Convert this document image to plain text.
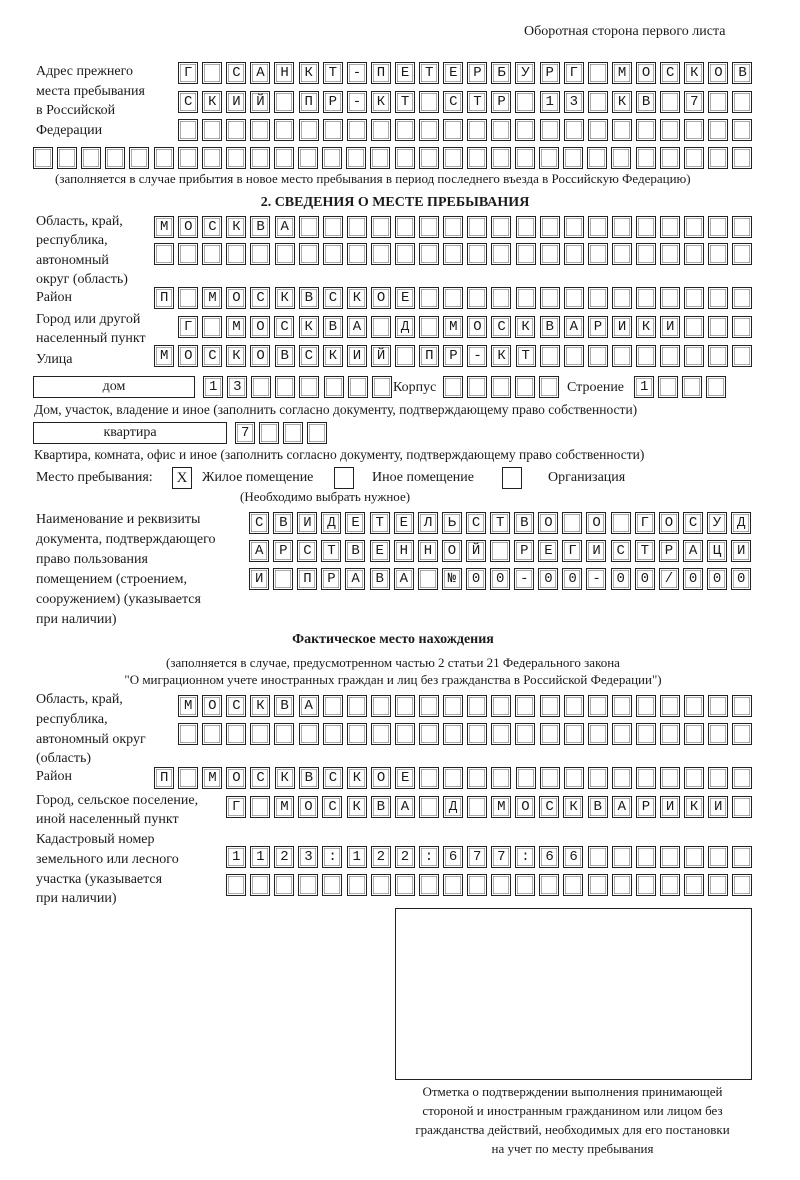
Оборотная сторона первого листа
Адрес прежнего
места пребывания
в Российской
Федерации
Г САНКТ-ПЕТЕРБУРГ МОСКОВ
СКИЙ ПР-КТ СТР 13 КВ 7
(заполняется в случае прибытия в новое место пребывания в период последнего въезда в Российскую Федерацию)
2. СВЕДЕНИЯ О МЕСТЕ ПРЕБЫВАНИЯ
Область, край,
республика,
автономный
округ (область)
МОСКВА
Район	П МОСКВСКОЕ
Город или другой
населенный пункт
Г МОСКВА Д МОСКВАРИКИ
Улица	МОСКОВСКИЙ ПР-КТ
дом	13	Корпус	Строение 1
Дом, участок, владение и иное (заполнить согласно документу, подтверждающему право собственности)
квартира	7
Квартира, комната, офис и иное (заполнить согласно документу, подтверждающему право собственности)
Место пребывания:	X	Жилое помещение	Иное помещение	Организация
(Необходимо выбрать нужное)
Наименование и реквизиты
документа, подтверждающего
право пользования
помещением (строением,
сооружением) (указывается
при наличии)
СВИДЕТЕЛЬСТВО О ГОСУД
АРСТВЕННОЙ РЕГИСТРАЦИ
И ПРАВА №00-00-00/000
Фактическое место нахождения
(заполняется в случае, предусмотренном частью 2 статьи 21 Федерального закона
"О миграционном учете иностранных граждан и лиц без гражданства в Российской Федерации")
Область, край,
республика,
автономный округ
(область)
МОСКВА
Район	П МОСКВСКОЕ
Город, сельское поселение,
иной населенный пункт
Г МОСКВА Д МОСКВАРИКИ
Кадастровый номер
земельного или лесного
участка (указывается
при наличии)
1123:122:677:66
Отметка о подтверждении выполнения принимающей
стороной и иностранным гражданином или лицом без
гражданства действий, необходимых для его постановки
на учет по месту пребывания
